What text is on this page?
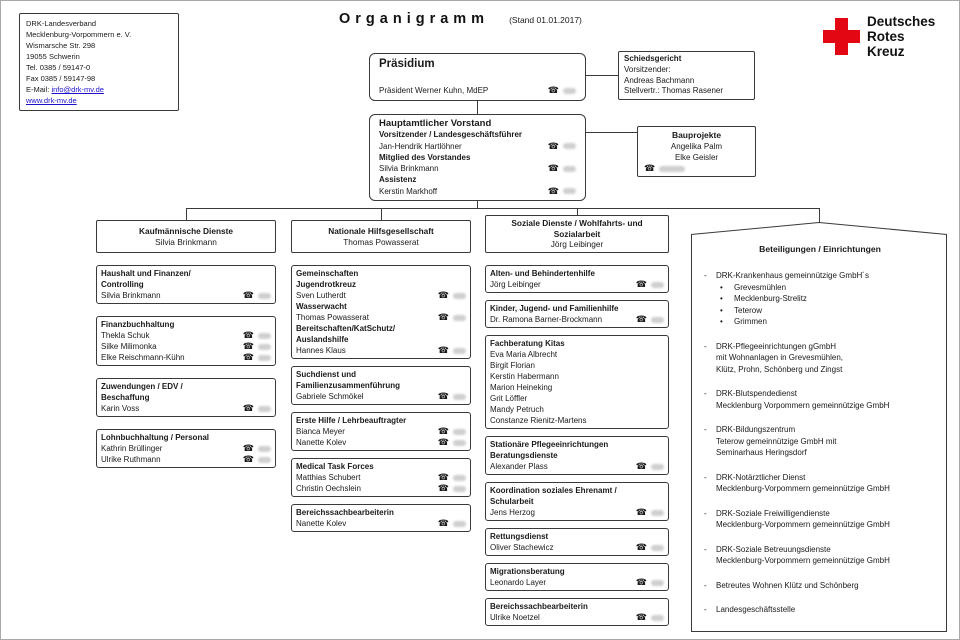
DRK-Landesverband
Mecklenburg-Vorpommern e. V.
Wismarsche Str. 298
19055 Schwerin
Tel. 0385 / 59147-0
Fax 0385 / 59147-98
E-Mail: info@drk-mv.de
www.drk-mv.de
Organigramm (Stand 01.01.2017)	Deutsches
Rotes
Kreuz
Präsidium
Präsident Werner Kuhn, MdEP	☎
Schiedsgericht
Vorsitzender:
Andreas Bachmann
Stellvertr.: Thomas Rasener
Hauptamtlicher Vorstand
Vorsitzender / Landesgeschäftsführer
Jan-Hendrik Hartlöhner	☎
Mitglied des Vorstandes
Silvia Brinkmann	☎
Assistenz
Kerstin Markhoff	☎
Bauprojekte
Angelika Palm
Elke Geisler
☎
Kaufmännische Dienste
Silvia Brinkmann
Nationale Hilfsgesellschaft
Thomas Powasserat
Soziale Dienste / Wohlfahrts- und
Sozialarbeit
Jörg Leibinger
Haushalt und Finanzen/
Controlling
Silvia Brinkmann	☎
Finanzbuchhaltung
Thekla Schuk	☎
Silke Milimonka	☎
Elke Reischmann-Kühn	☎
Zuwendungen / EDV /
Beschaffung
Karin Voss	☎
Lohnbuchhaltung / Personal
Kathrin Brüllinger	☎
Ulrike Ruthmann	☎
Gemeinschaften
Jugendrotkreuz
Sven Lutherdt	☎
Wasserwacht
Thomas Powasserat	☎
Bereitschaften/KatSchutz/
Auslandshilfe
Hannes Klaus	☎
Suchdienst und
Familienzusammenführung
Gabriele Schmökel	☎
Erste Hilfe / Lehrbeauftragter
Bianca Meyer	☎
Nanette Kolev	☎
Medical Task Forces
Matthias Schubert	☎
Christin Oechslein	☎
Bereichssachbearbeiterin
Nanette Kolev	☎
Alten- und Behindertenhilfe
Jörg Leibinger	☎
Kinder, Jugend- und Familienhilfe
Dr. Ramona Barner-Brockmann	☎
Fachberatung Kitas
Eva Maria Albrecht
Birgit Florian
Kerstin Habermann
Marion Heineking
Grit Löffler
Mandy Petruch
Constanze Rienitz-Martens
Stationäre Pflegeeinrichtungen
Beratungsdienste
Alexander Plass	☎
Koordination soziales Ehrenamt /
Schularbeit
Jens Herzog	☎
Rettungsdienst
Oliver Stachewicz	☎
Migrationsberatung
Leonardo Layer	☎
Bereichssachbearbeiterin
Ulrike Noetzel	☎
Beteiligungen / Einrichtungen
-	DRK-Krankenhaus gemeinnützige GmbH´s
•	Grevesmühlen
•	Mecklenburg-Strelitz
•	Teterow
•	Grimmen
-	DRK-Pflegeeinrichtungen gGmbH
mit Wohnanlagen in Grevesmühlen,
Klütz, Prohn, Schönberg und Zingst
-	DRK-Blutspendedienst
Mecklenburg Vorpommern gemeinnützige GmbH
-	DRK-Bildungszentrum
Teterow gemeinnützige GmbH mit
Seminarhaus Heringsdorf
-	DRK-Notärztlicher Dienst
Mecklenburg-Vorpommern gemeinnützige GmbH
-	DRK-Soziale Freiwilligendienste
Mecklenburg-Vorpommern gemeinnützige GmbH
-	DRK-Soziale Betreuungsdienste
Mecklenburg-Vorpommern gemeinnützige GmbH
-	Betreutes Wohnen Klütz und Schönberg
-	Landesgeschäftsstelle
